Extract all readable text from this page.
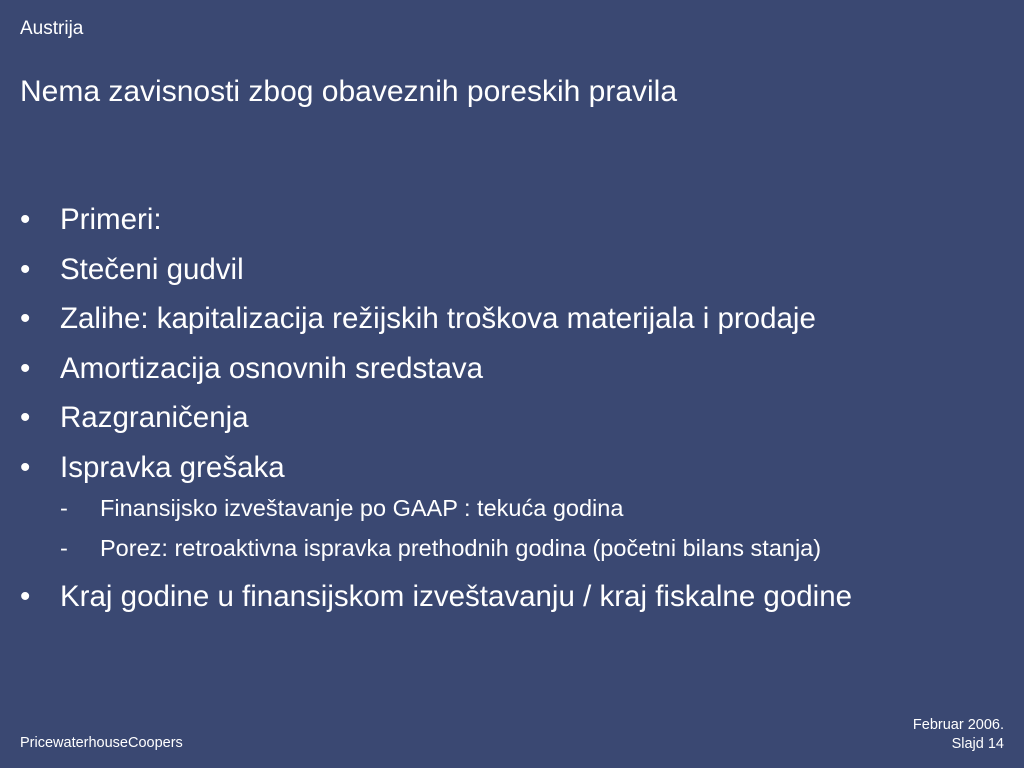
Austrija
Nema zavisnosti zbog obaveznih poreskih pravila
• Primeri:
• Stečeni gudvil
• Zalihe: kapitalizacija režijskih troškova materijala i prodaje
• Amortizacija osnovnih sredstava
• Razgraničenja
• Ispravka grešaka
- Finansijsko izveštavanje po GAAP : tekuća godina
- Porez: retroaktivna ispravka prethodnih godina (početni bilans stanja)
• Kraj godine u finansijskom izveštavanju / kraj fiskalne godine
PricewaterhouseCoopers
Februar 2006.
Slajd 14
